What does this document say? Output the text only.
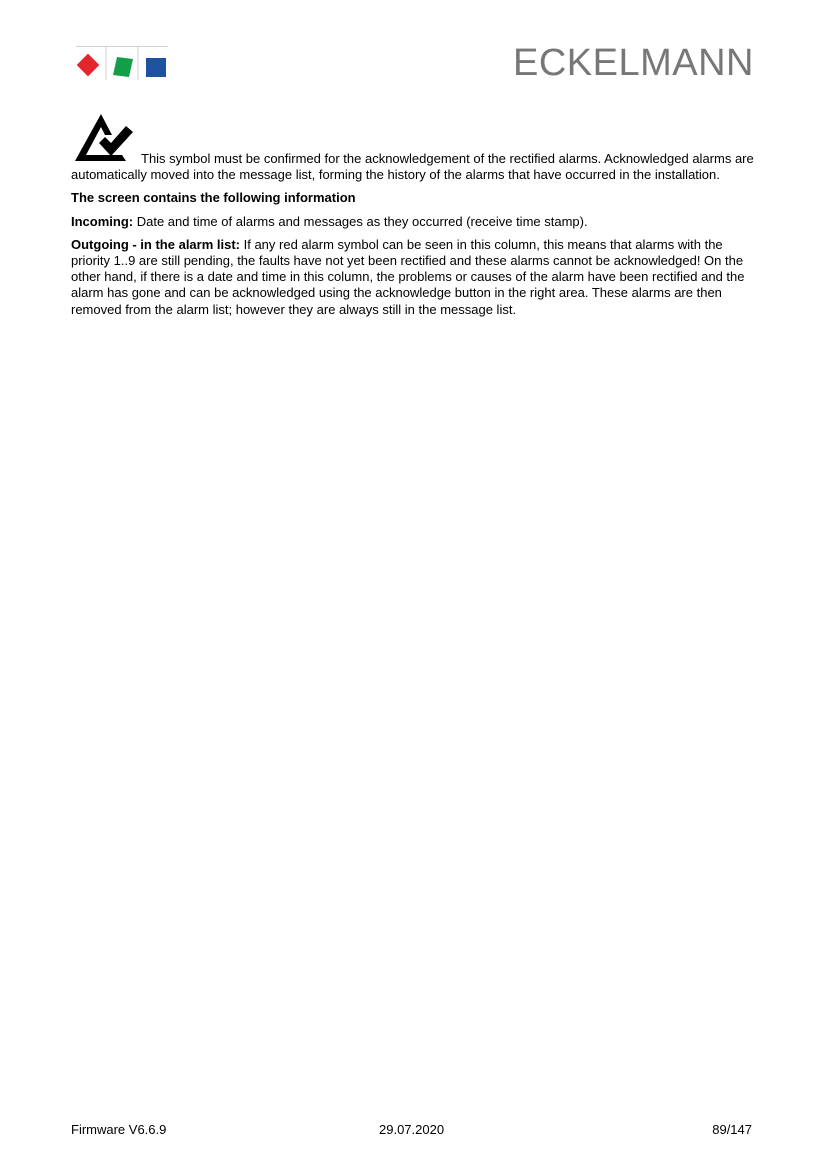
ECKELMANN

This symbol must be confirmed for the acknowledgement of the rectified alarms. Acknowledged alarms are automatically moved into the message list, forming the history of the alarms that have occurred in the installation.

The screen contains the following information

Incoming: Date and time of alarms and messages as they occurred (receive time stamp).

Outgoing - in the alarm list: If any red alarm symbol can be seen in this column, this means that alarms with the priority 1..9 are still pending, the faults have not yet been rectified and these alarms cannot be acknowledged! On the other hand, if there is a date and time in this column, the problems or causes of the alarm have been rectified and the alarm has gone and can be acknowledged using the acknowledge button in the right area. These alarms are then removed from the alarm list; however they are always still in the message list.

Firmware V6.6.9	29.07.2020	89/147
